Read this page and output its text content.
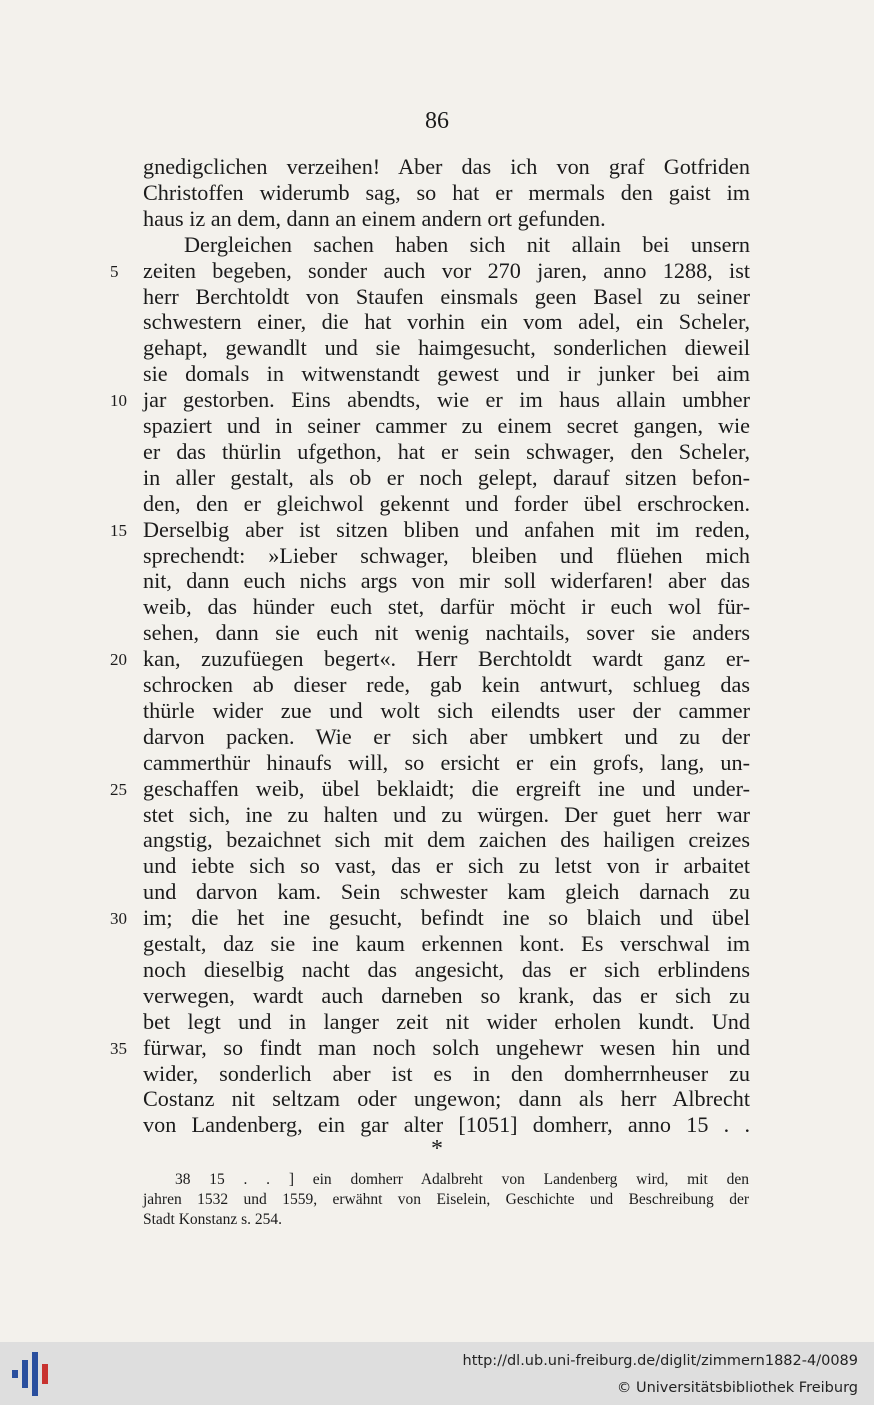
86
gnedigclichen verzeihen! Aber das ich von graf Gotfriden
Christoffen widerumb sag, so hat er mermals den gaist im
haus iz an dem, dann an einem andern ort gefunden.
Dergleichen sachen haben sich nit allain bei unsern
5	zeiten begeben, sonder auch vor 270 jaren, anno 1288, ist
herr Berchtoldt von Staufen einsmals geen Basel zu seiner
schwestern einer, die hat vorhin ein vom adel, ein Scheler,
gehapt, gewandlt und sie haimgesucht, sonderlichen dieweil
sie domals in witwenstandt gewest und ir junker bei aim
10 jar gestorben. Eins abendts, wie er im haus allain umbher
spaziert und in seiner cammer zu einem secret gangen, wie
er das thürlin ufgethon, hat er sein schwager, den Scheler,
in aller gestalt, als ob er noch gelept, darauf sitzen befon-
den, den er gleichwol gekennt und forder übel erschrocken.
15 Derselbig aber ist sitzen bliben und anfahen mit im reden,
sprechendt: »Lieber schwager, bleiben und flüehen mich
nit, dann euch nichs args von mir soll widerfaren! aber das
weib, das hünder euch stet, darfür möcht ir euch wol für-
sehen, dann sie euch nit wenig nachtails, sover sie anders
20 kan, zuzufüegen begert«. Herr Berchtoldt wardt ganz er-
schrocken ab dieser rede, gab kein antwurt, schlueg das
thürle wider zue und wolt sich eilendts user der cammer
darvon packen. Wie er sich aber umbkert und zu der
cammerthür hinaufs will, so ersicht er ein grofs, lang, un-
25 geschaffen weib, übel beklaidt; die ergreift ine und under-
stet sich, ine zu halten und zu würgen. Der guet herr war
angstig, bezaichnet sich mit dem zaichen des hailigen creizes
und iebte sich so vast, das er sich zu letst von ir arbaitet
und darvon kam. Sein schwester kam gleich darnach zu
30 im; die het ine gesucht, befindt ine so blaich und übel
gestalt, daz sie ine kaum erkennen kont. Es verschwal im
noch dieselbig nacht das angesicht, das er sich erblindens
verwegen, wardt auch darneben so krank, das er sich zu
bet legt und in langer zeit nit wider erholen kundt. Und
35 fürwar, so findt man noch solch ungehewr wesen hin und
wider, sonderlich aber ist es in den domherrnheuser zu
Costanz nit seltzam oder ungewon; dann als herr Albrecht
von Landenberg, ein gar alter [1051] domherr, anno 15 . .
*
38 15 . . ] ein domherr Adalbreht von Landenberg wird, mit den
jahren 1532 und 1559, erwähnt von Eiselein, Geschichte und Beschreibung der
Stadt Konstanz s. 254.
http://dl.ub.uni-freiburg.de/diglit/zimmern1882-4/0089
© Universitätsbibliothek Freiburg
